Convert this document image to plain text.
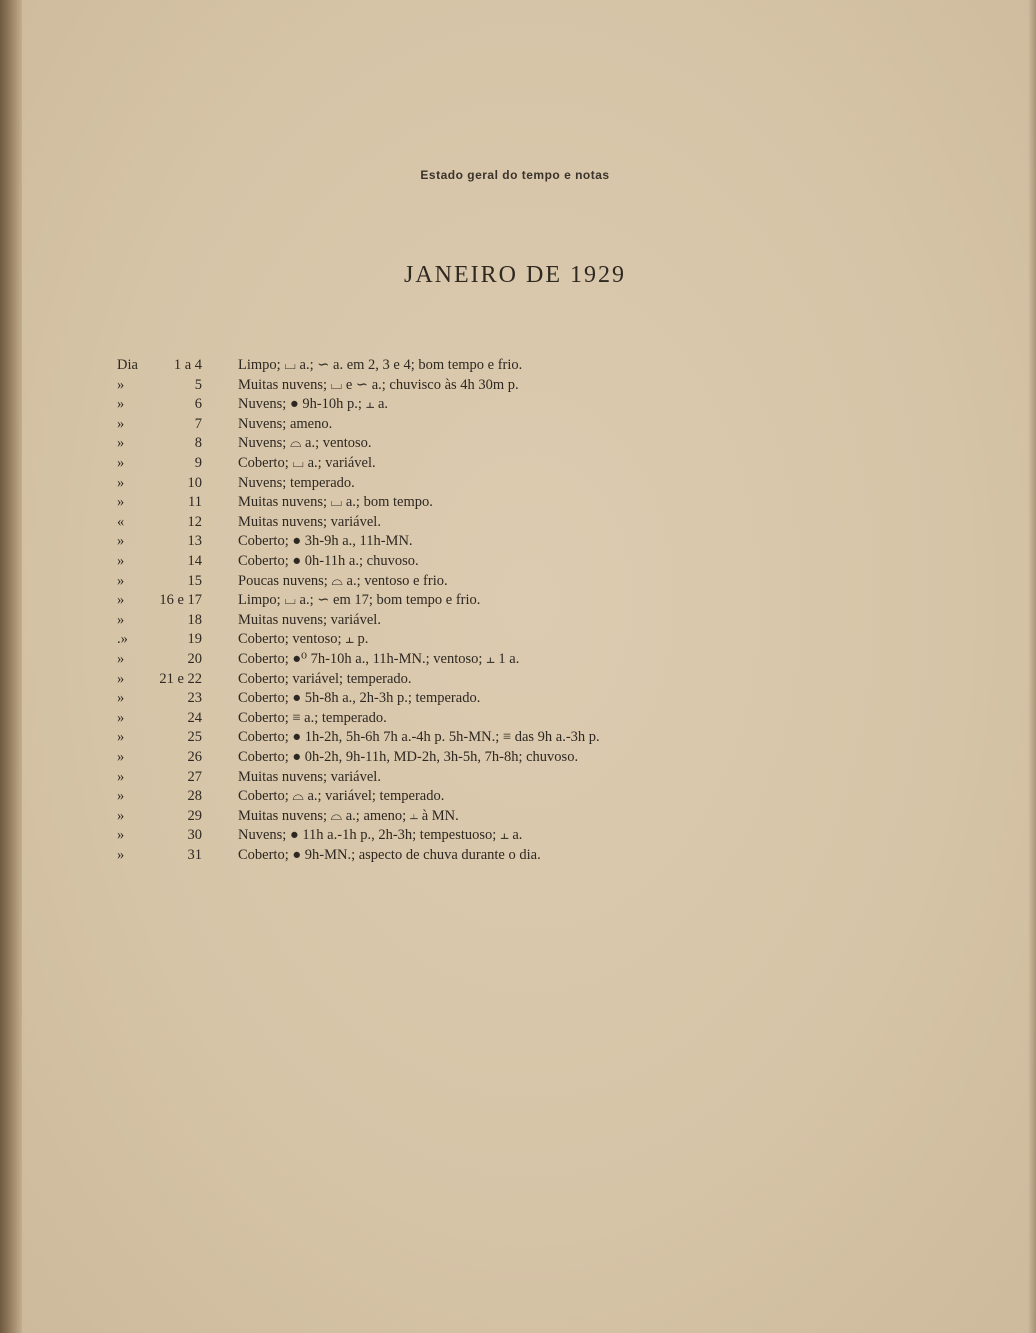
Estado geral do tempo e notas
JANEIRO DE 1929
Dia	1 a 4 Limpo; ⌴ a.; ∽ a. em 2, 3 e 4; bom tempo e frio.
»	5 Muitas nuvens; ⌴ e ∽ a.; chuvisco às 4h 30m p.
»	6 Nuvens; ● 9h-10h p.; ⫠ a.
»	7 Nuvens; ameno.
»	8 Nuvens; ⌓ a.; ventoso.
»	9 Coberto; ⌴ a.; variável.
»	10 Nuvens; temperado.
»	11 Muitas nuvens; ⌴ a.; bom tempo.
«	12 Muitas nuvens; variável.
»	13 Coberto; ● 3h-9h a., 11h-MN.
»	14 Coberto; ● 0h-11h a.; chuvoso.
»	15 Poucas nuvens; ⌓ a.; ventoso e frio.
»	16 e 17 Limpo; ⌴ a.; ∽ em 17; bom tempo e frio.
»	18 Muitas nuvens; variável.
.»	19 Coberto; ventoso; ⫠ p.
»	20 Coberto; ●⁰ 7h-10h a., 11h-MN.; ventoso; ⫠ 1 a.
»	21 e 22 Coberto; variável; temperado.
»	23 Coberto; ● 5h-8h a., 2h-3h p.; temperado.
»	24 Coberto; ≡ a.; temperado.
»	25 Coberto; ● 1h-2h, 5h-6h 7h a.-4h p. 5h-MN.; ≡ das 9h a.-3h p.
»	26 Coberto; ● 0h-2h, 9h-11h, MD-2h, 3h-5h, 7h-8h; chuvoso.
»	27 Muitas nuvens; variável.
»	28 Coberto; ⌓ a.; variável; temperado.
»	29 Muitas nuvens; ⌓ a.; ameno; ⫠ à MN.
»	30 Nuvens; ● 11h a.-1h p., 2h-3h; tempestuoso; ⫠ a.
»	31 Coberto; ● 9h-MN.; aspecto de chuva durante o dia.
